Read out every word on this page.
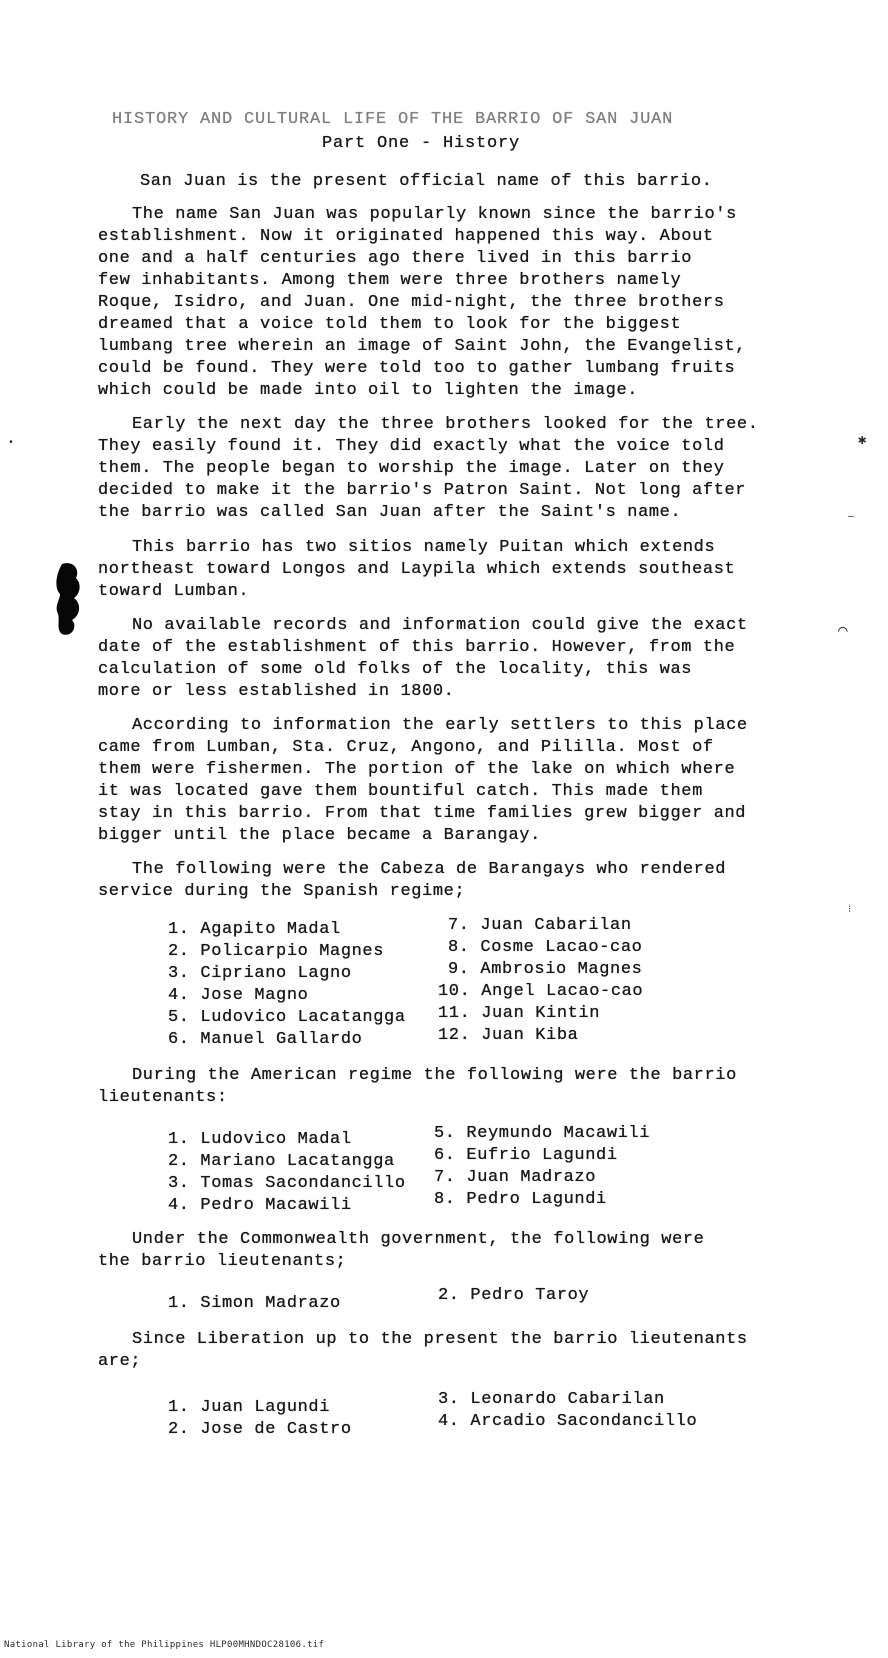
HISTORY AND CULTURAL LIFE OF THE BARRIO OF SAN JUAN
Part One - History
San Juan is the present official name of this barrio.
The name San Juan was popularly known since the barrio's
establishment. Now it originated happened this way. About
one and a half centuries ago there lived in this barrio
few inhabitants. Among them were three brothers namely
Roque, Isidro, and Juan. One mid-night, the three brothers
dreamed that a voice told them to look for the biggest
lumbang tree wherein an image of Saint John, the Evangelist,
could be found. They were told too to gather lumbang fruits
which could be made into oil to lighten the image.
Early the next day the three brothers looked for the tree.
They easily found it. They did exactly what the voice told
them. The people began to worship the image. Later on they
decided to make it the barrio's Patron Saint. Not long after
the barrio was called San Juan after the Saint's name.
This barrio has two sitios namely Puitan which extends
northeast toward Longos and Laypila which extends southeast
toward Lumban.
No available records and information could give the exact
date of the establishment of this barrio. However, from the
calculation of some old folks of the locality, this was
more or less established in 1800.
According to information the early settlers to this place
came from Lumban, Sta. Cruz, Angono, and Pililla. Most of
them were fishermen. The portion of the lake on which where
it was located gave them bountiful catch. This made them
stay in this barrio. From that time families grew bigger and
bigger until the place became a Barangay.
The following were the Cabeza de Barangays who rendered
service during the Spanish regime;
1. Agapito Madal
2. Policarpio Magnes
3. Cipriano Lagno
4. Jose Magno
5. Ludovico Lacatangga
6. Manuel Gallardo
7. Juan Cabarilan
8. Cosme Lacao-cao
9. Ambrosio Magnes
10. Angel Lacao-cao
11. Juan Kintin
12. Juan Kiba
During the American regime the following were the barrio
lieutenants:
1. Ludovico Madal
2. Mariano Lacatangga
3. Tomas Sacondancillo
4. Pedro Macawili
5. Reymundo Macawili
6. Eufrio Lagundi
7. Juan Madrazo
8. Pedro Lagundi
Under the Commonwealth government, the following were
the barrio lieutenants;
1. Simon Madrazo	2. Pedro Taroy
Since Liberation up to the present the barrio lieutenants
are;
1. Juan Lagundi
2. Jose de Castro
3. Leonardo Cabarilan
4. Arcadio Sacondancillo
✱
•
—
⌒
⁝
National Library of the Philippines HLP00MHNDOC28106.tif
